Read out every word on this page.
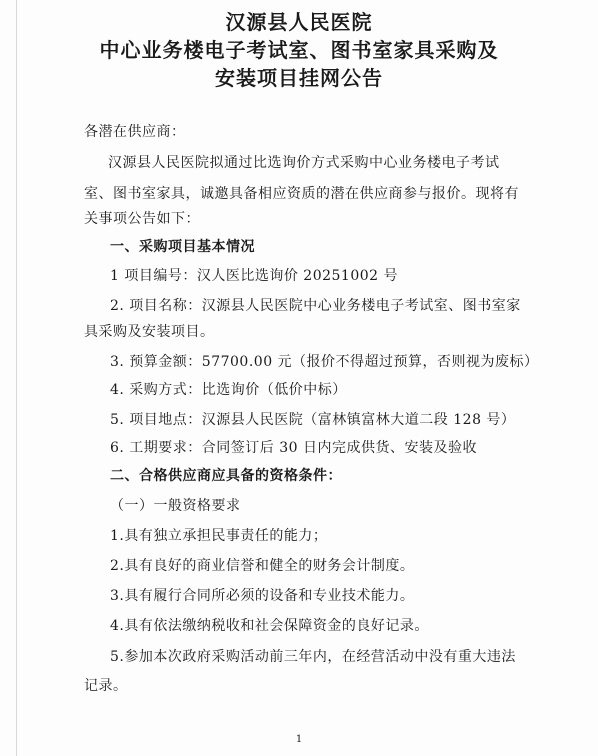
汉源县人民医院
中心业务楼电子考试室、图书室家具采购及
安装项目挂网公告
各潜在供应商：
汉源县人民医院拟通过比选询价方式采购中心业务楼电子考试
室、图书室家具，诚邀具备相应资质的潜在供应商参与报价。现将有
关事项公告如下：
一、采购项目基本情况
1 项目编号：汉人医比选询价 20251002 号
2. 项目名称：汉源县人民医院中心业务楼电子考试室、图书室家
具采购及安装项目。
3. 预算金额：57700.00 元（报价不得超过预算，否则视为废标）
4. 采购方式：比选询价（低价中标）
5. 项目地点：汉源县人民医院（富林镇富林大道二段 128 号）
6. 工期要求：合同签订后 30 日内完成供货、安装及验收
二、合格供应商应具备的资格条件：
（一）一般资格要求
1.具有独立承担民事责任的能力；
2.具有良好的商业信誉和健全的财务会计制度。
3.具有履行合同所必须的设备和专业技术能力。
4.具有依法缴纳税收和社会保障资金的良好记录。
5.参加本次政府采购活动前三年内，在经营活动中没有重大违法
记录。
1
